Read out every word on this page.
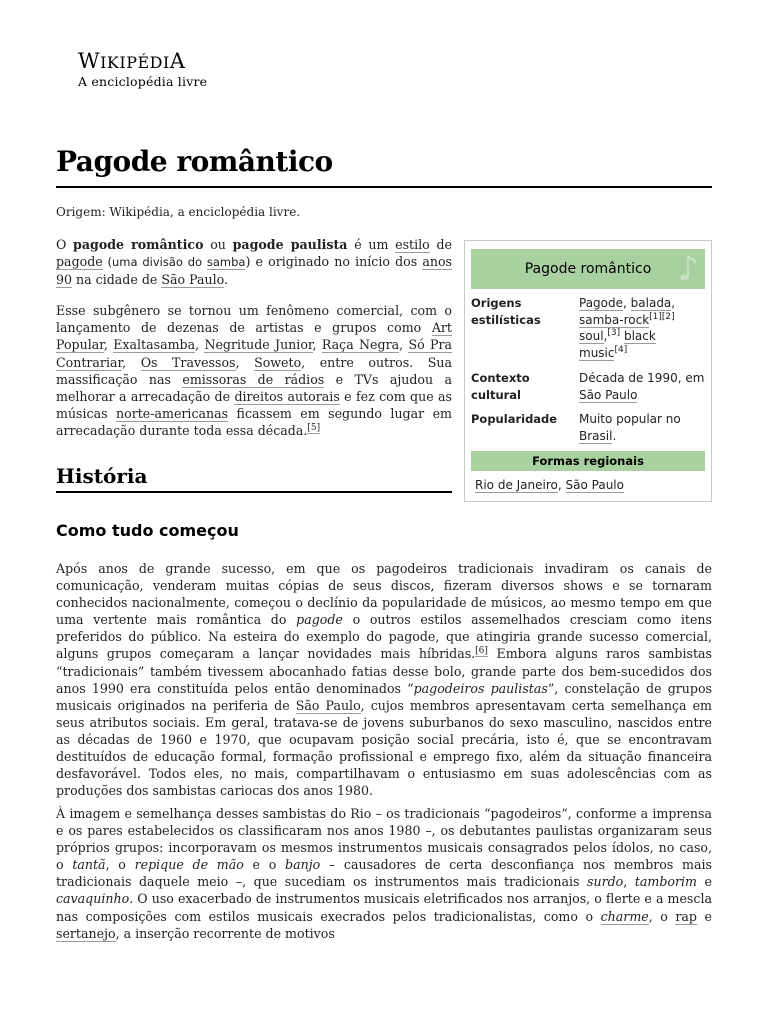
WIKIPÉDIA
A enciclopédia livre
Pagode romântico
Origem: Wikipédia, a enciclopédia livre.

O pagode romântico ou pagode paulista é um estilo de pagode (uma divisão do samba) e originado no início dos anos 90 na cidade de São Paulo.

Esse subgênero se tornou um fenômeno comercial, com o lançamento de dezenas de artistas e grupos como Art Popular, Exaltasamba, Negritude Junior, Raça Negra, Só Pra Contrariar, Os Travessos, Soweto, entre outros. Sua massificação nas emissoras de rádios e TVs ajudou a melhorar a arrecadação de direitos autorais e fez com que as músicas norte-americanas ficassem em segundo lugar em arrecadação durante toda essa década.[5]

♪
Pagode romântico
Origens estilísticas
Pagode, balada, samba-rock[1][2] soul,[3] black music[4]
Contexto cultural
Década de 1990, em São Paulo
Popularidade	Muito popular no Brasil.
Formas regionais
Rio de Janeiro, São Paulo
História
Como tudo começou

Após anos de grande sucesso, em que os pagodeiros tradicionais invadiram os canais de comunicação, venderam muitas cópias de seus discos, fizeram diversos shows e se tornaram conhecidos nacionalmente, começou o declínio da popularidade de músicos, ao mesmo tempo em que uma vertente mais romântica do pagode o outros estilos assemelhados cresciam como itens preferidos do público. Na esteira do exemplo do pagode, que atingiria grande sucesso comercial, alguns grupos começaram a lançar novidades mais híbridas.[6] Embora alguns raros sambistas “tradicionais” também tivessem abocanhado fatias desse bolo, grande parte dos bem-sucedidos dos anos 1990 era constituída pelos então denominados “pagodeiros paulistas”, constelação de grupos musicais originados na periferia de São Paulo, cujos membros apresentavam certa semelhança em seus atributos sociais. Em geral, tratava-se de jovens suburbanos do sexo masculino, nascidos entre as décadas de 1960 e 1970, que ocupavam posição social precária, isto é, que se encontravam destituídos de educação formal, formação profissional e emprego fixo, além da situação financeira desfavorável. Todos eles, no mais, compartilhavam o entusiasmo em suas adolescências com as produções dos sambistas cariocas dos anos 1980.

À imagem e semelhança desses sambistas do Rio – os tradicionais “pagodeiros”, conforme a imprensa e os pares estabelecidos os classificaram nos anos 1980 –, os debutantes paulistas organizaram seus próprios grupos: incorporavam os mesmos instrumentos musicais consagrados pelos ídolos, no caso, o tantã, o repique de mão e o banjo – causadores de certa desconfiança nos membros mais tradicionais daquele meio –, que sucediam os instrumentos mais tradicionais surdo, tamborim e cavaquinho. O uso exacerbado de instrumentos musicais eletrificados nos arranjos, o flerte e a mescla nas composições com estilos musicais execrados pelos tradicionalistas, como o charme, o rap e sertanejo, a inserção recorrente de motivos
